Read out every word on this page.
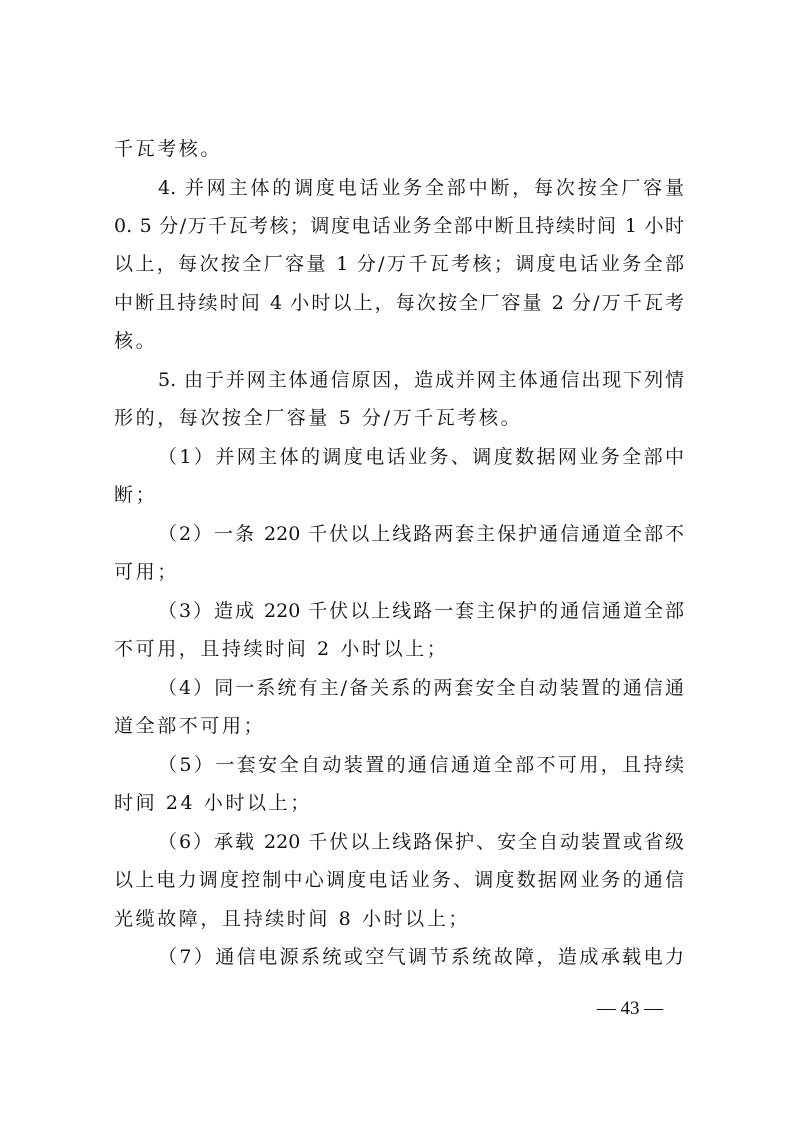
千瓦考核。
4. 并网主体的调度电话业务全部中断，每次按全厂容量
0. 5 分/万千瓦考核；调度电话业务全部中断且持续时间 1 小时
以上，每次按全厂容量 1 分/万千瓦考核；调度电话业务全部
中断且持续时间 4 小时以上，每次按全厂容量 2 分/万千瓦考
核。
5. 由于并网主体通信原因，造成并网主体通信出现下列情
形的，每次按全厂容量 5 分/万千瓦考核。
（1）并网主体的调度电话业务、调度数据网业务全部中
断；
（2）一条 220 千伏以上线路两套主保护通信通道全部不
可用；
（3）造成 220 千伏以上线路一套主保护的通信通道全部
不可用，且持续时间 2 小时以上；
（4）同一系统有主/备关系的两套安全自动装置的通信通
道全部不可用；
（5）一套安全自动装置的通信通道全部不可用，且持续
时间 24 小时以上；
（6）承载 220 千伏以上线路保护、安全自动装置或省级
以上电力调度控制中心调度电话业务、调度数据网业务的通信
光缆故障，且持续时间 8 小时以上；
（7）通信电源系统或空气调节系统故障，造成承载电力
— 43 —
